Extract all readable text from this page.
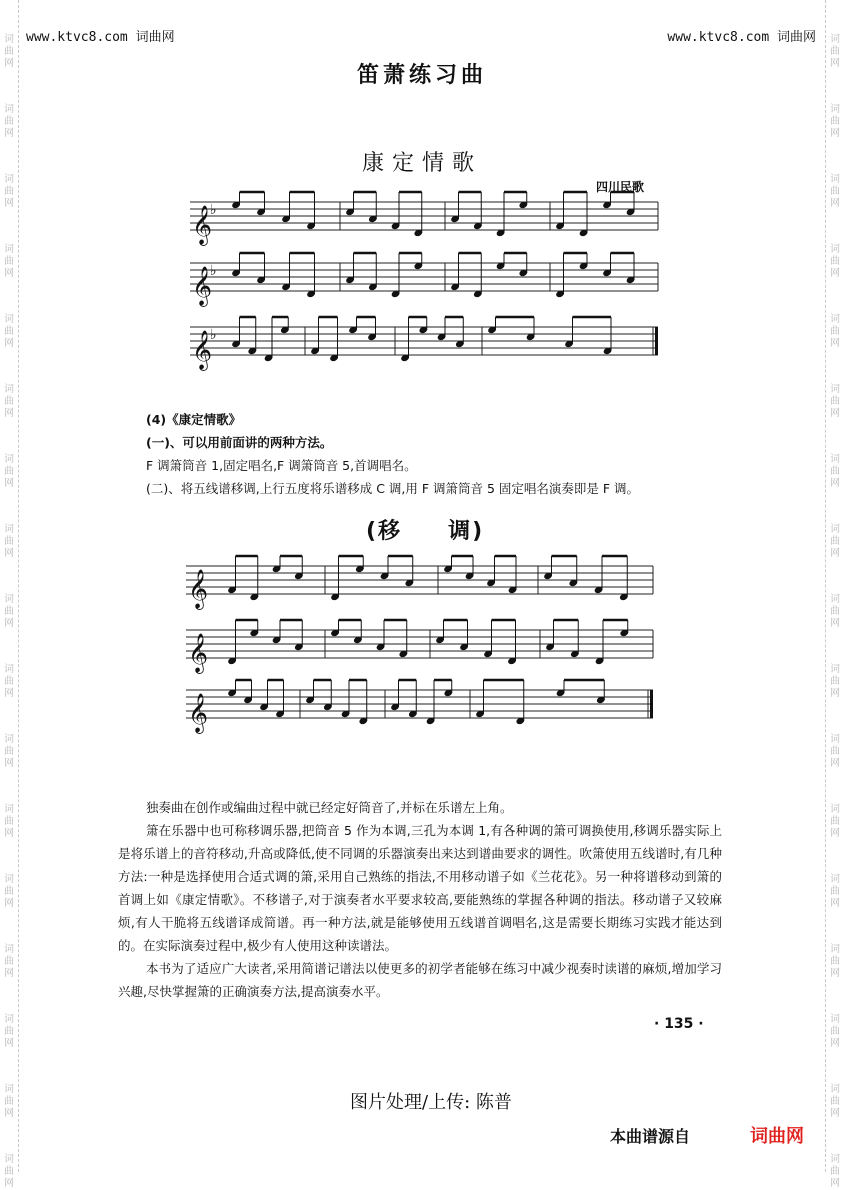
词
曲
网
词
曲
网
词
曲
网
词
曲
网
词
曲
网
词
曲
网
词
曲
网
词
曲
网
词
曲
网
词
曲
网
词
曲
网
词
曲
网
词
曲
网
词
曲
网
词
曲
网
词
曲
网
词
曲
网
词
曲
网
词
曲
网
词
曲
网
词
曲
网
词
曲
网
词
曲
网
词
曲
网
词
曲
网
词
曲
网
词
曲
网
词
曲
网
词
曲
网
词
曲
网
词
曲
网
词
曲
网
词
曲
网
词
曲
网
www.ktvc8.com 词曲网	www.ktvc8.com 词曲网
笛萧练习曲
康定情歌
四川民歌
𝄞
♭
𝄞
♭
𝄞
♭
𝄞
𝄞
𝄞
(4)《康定情歌》
(一)、可以用前面讲的两种方法。
F 调箫筒音 1,固定唱名,F 调箫筒音 5,首调唱名。
(二)、将五线谱移调,上行五度将乐谱移成 C 调,用 F 调箫筒音 5 固定唱名演奏即是 F 调。
(移 调)

独奏曲在创作或编曲过程中就已经定好筒音了,并标在乐谱左上角。

箫在乐器中也可称移调乐器,把筒音 5 作为本调,三孔为本调 1,有各种调的箫可调换使用,移调乐器实际上是将乐谱上的音符移动,升高或降低,使不同调的乐器演奏出来达到谱曲要求的调性。吹箫使用五线谱时,有几种方法:一种是选择使用合适式调的箫,采用自己熟练的指法,不用移动谱子如《兰花花》。另一种将谱移动到箫的首调上如《康定情歌》。不移谱子,对于演奏者水平要求较高,要能熟练的掌握各种调的指法。移动谱子又较麻烦,有人干脆将五线谱译成简谱。再一种方法,就是能够使用五线谱首调唱名,这是需要长期练习实践才能达到的。在实际演奏过程中,极少有人使用这种读谱法。

本书为了适应广大读者,采用简谱记谱法以使更多的初学者能够在练习中减少视奏时读谱的麻烦,增加学习兴趣,尽快掌握箫的正确演奏方法,提高演奏水平。

· 135 ·
图片处理/上传: 陈普
本曲谱源自	词曲网
